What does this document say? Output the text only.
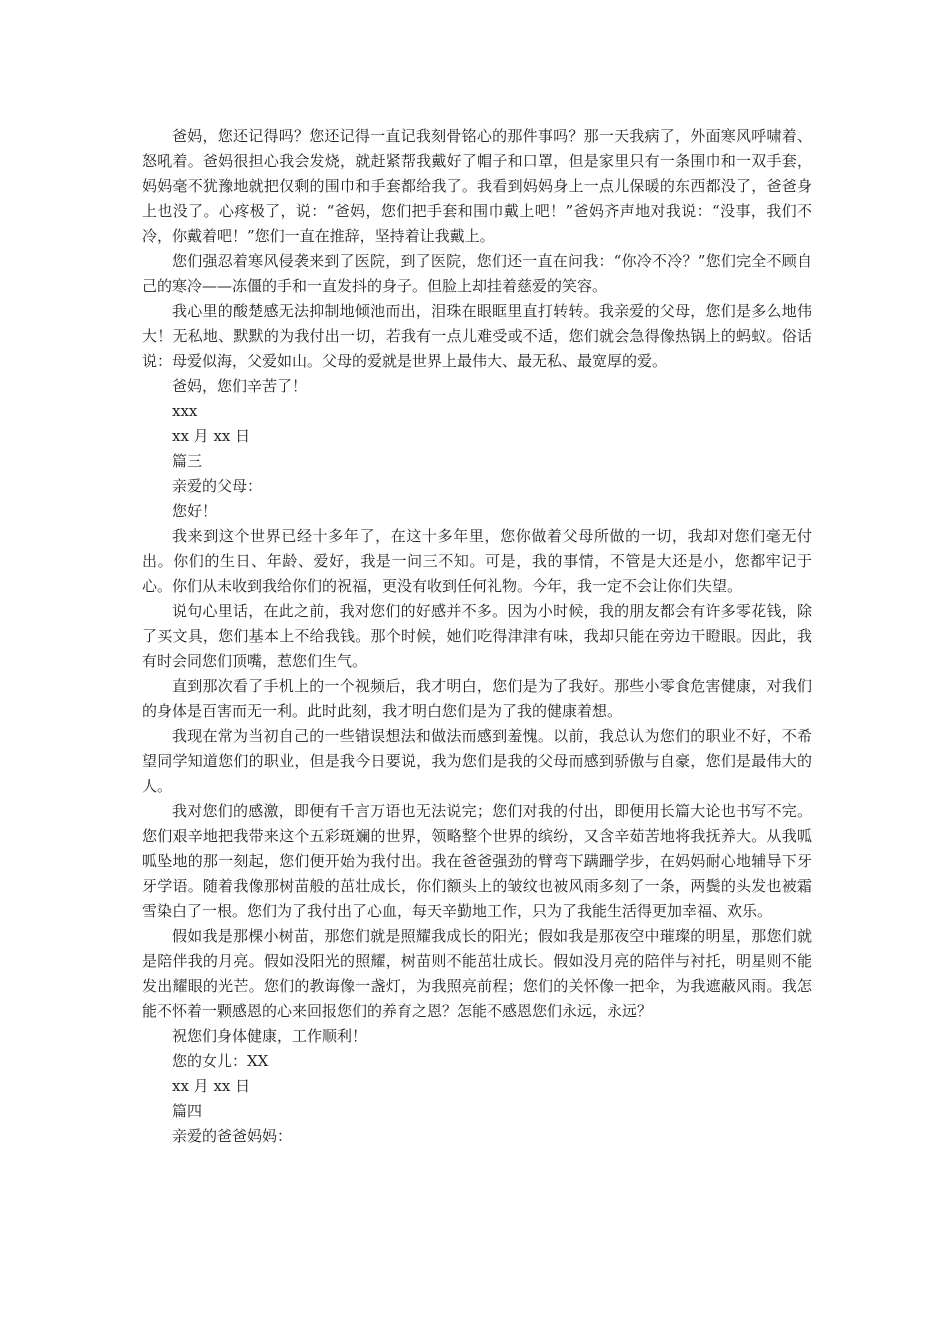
爸妈，您还记得吗？您还记得一直记我刻骨铭心的那件事吗？那一天我病了，外面寒风呼啸着、怒吼着。爸妈很担心我会发烧，就赶紧帮我戴好了帽子和口罩，但是家里只有一条围巾和一双手套，妈妈毫不犹豫地就把仅剩的围巾和手套都给我了。我看到妈妈身上一点儿保暖的东西都没了，爸爸身上也没了。心疼极了，说：“爸妈，您们把手套和围巾戴上吧！”爸妈齐声地对我说：“没事，我们不冷，你戴着吧！”您们一直在推辞，坚持着让我戴上。

您们强忍着寒风侵袭来到了医院，到了医院，您们还一直在问我：“你冷不冷？”您们完全不顾自己的寒冷——冻僵的手和一直发抖的身子。但脸上却挂着慈爱的笑容。

我心里的酸楚感无法抑制地倾池而出，泪珠在眼眶里直打转转。我亲爱的父母，您们是多么地伟大！无私地、默默的为我付出一切，若我有一点儿难受或不适，您们就会急得像热锅上的蚂蚁。俗话说：母爱似海，父爱如山。父母的爱就是世界上最伟大、最无私、最宽厚的爱。

爸妈，您们辛苦了！

xxx

xx 月 xx 日

篇三

亲爱的父母：

您好！

我来到这个世界已经十多年了，在这十多年里，您你做着父母所做的一切，我却对您们毫无付出。你们的生日、年龄、爱好，我是一问三不知。可是，我的事情，不管是大还是小，您都牢记于心。你们从未收到我给你们的祝福，更没有收到任何礼物。今年，我一定不会让你们失望。

说句心里话，在此之前，我对您们的好感并不多。因为小时候，我的朋友都会有许多零花钱，除了买文具，您们基本上不给我钱。那个时候，她们吃得津津有味，我却只能在旁边干瞪眼。因此，我有时会同您们顶嘴，惹您们生气。

直到那次看了手机上的一个视频后，我才明白，您们是为了我好。那些小零食危害健康，对我们的身体是百害而无一利。此时此刻，我才明白您们是为了我的健康着想。

我现在常为当初自己的一些错误想法和做法而感到羞愧。以前，我总认为您们的职业不好，不希望同学知道您们的职业，但是我今日要说，我为您们是我的父母而感到骄傲与自豪，您们是最伟大的人。

我对您们的感激，即便有千言万语也无法说完；您们对我的付出，即便用长篇大论也书写不完。您们艰辛地把我带来这个五彩斑斓的世界，领略整个世界的缤纷，又含辛茹苦地将我抚养大。从我呱呱坠地的那一刻起，您们便开始为我付出。我在爸爸强劲的臂弯下蹒跚学步，在妈妈耐心地辅导下牙牙学语。随着我像那树苗般的茁壮成长，你们额头上的皱纹也被风雨多刻了一条，两鬓的头发也被霜雪染白了一根。您们为了我付出了心血，每天辛勤地工作，只为了我能生活得更加幸福、欢乐。

假如我是那棵小树苗，那您们就是照耀我成长的阳光；假如我是那夜空中璀璨的明星，那您们就是陪伴我的月亮。假如没阳光的照耀，树苗则不能茁壮成长。假如没月亮的陪伴与衬托，明星则不能发出耀眼的光芒。您们的教诲像一盏灯，为我照亮前程；您们的关怀像一把伞，为我遮蔽风雨。我怎能不怀着一颗感恩的心来回报您们的养育之恩？怎能不感恩您们永远，永远？

祝您们身体健康，工作顺利！

您的女儿：XX

xx 月 xx 日

篇四

亲爱的爸爸妈妈：
